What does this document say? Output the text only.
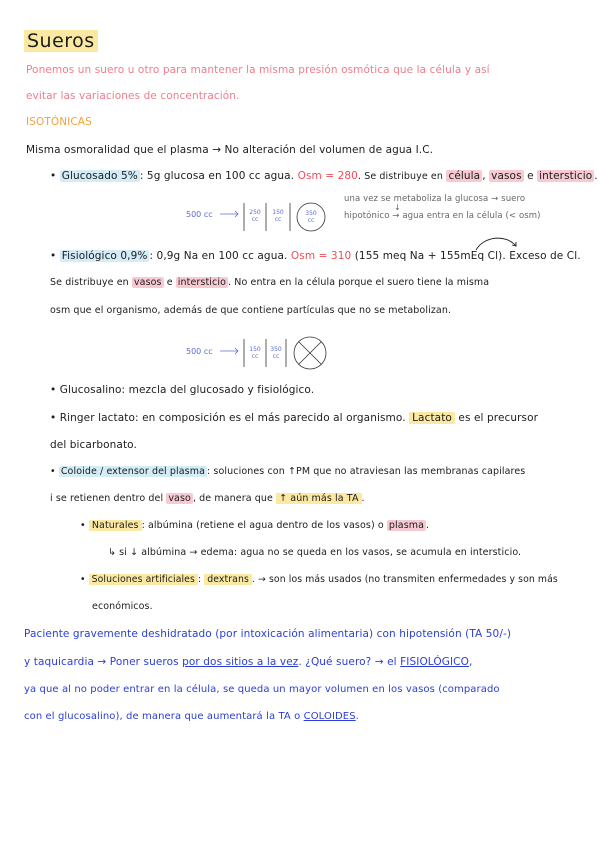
Sueros
Ponemos un suero u otro para mantener la misma presión osmótica que la célula y así
evitar las variaciones de concentración.
ISOTÓNICAS
Misma osmoralidad que el plasma → No alteración del volumen de agua I.C.
• Glucosado 5% : 5g glucosa en 100 cc agua. Osm = 280. Se distribuye en célula , vasos e intersticio .
una vez se metaboliza la glucosa → suero
↓
hipotónico → agua entra en la célula (< osm)
500 cc	250 cc
150 cc
350 cc
• Fisiológico 0,9% : 0,9g Na en 100 cc agua. Osm = 310 (155 meq Na + 155mEq Cl). Exceso de Cl.
Se distribuye en vasos e intersticio . No entra en la célula porque el suero tiene la misma
osm que el organismo, además de que contiene partículas que no se metabolizan.
500 cc	150 cc
350 cc
• Glucosalino: mezcla del glucosado y fisiológico.
• Ringer lactato: en composición es el más parecido al organismo. Lactato es el precursor
del bicarbonato.
• Coloide / extensor del plasma : soluciones con ↑PM que no atraviesan las membranas capilares
i se retienen dentro del vaso , de manera que ↑ aún más la TA .
• Naturales : albúmina (retiene el agua dentro de los vasos) o plasma .
↳ si ↓ albúmina → edema: agua no se queda en los vasos, se acumula en intersticio.
• Soluciones artificiales : dextrans . → son los más usados (no transmiten enfermedades y son más
económicos.
Paciente gravemente deshidratado (por intoxicación alimentaria) con hipotensión (TA 50/-)
y taquicardia → Poner sueros por dos sitios a la vez. ¿Qué suero? → el FISIOLÓGICO,
ya que al no poder entrar en la célula, se queda un mayor volumen en los vasos (comparado
con el glucosalino), de manera que aumentará la TA o COLOIDES.
